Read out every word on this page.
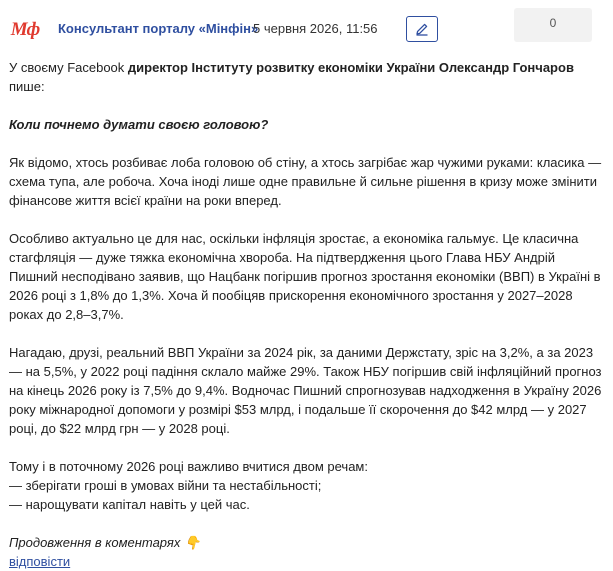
Мф	Консультант порталу «Мінфін»
5 червня 2026, 11:56	0

У своєму Facebook директор Інституту розвитку економіки України Олександр Гончаров пише:

Коли почнемо думати своєю головою?

Як відомо, хтось розбиває лоба головою об стіну, а хтось загрібає жар чужими руками: класика — схема тупа, але робоча. Хоча іноді лише одне правильне й сильне рішення в кризу може змінити фінансове життя всієї країни на роки вперед.

Особливо актуально це для нас, оскільки інфляція зростає, а економіка гальмує. Це класична стагфляція — дуже тяжка економічна хвороба. На підтвердження цього Глава НБУ Андрій Пишний несподівано заявив, що Нацбанк погіршив прогноз зростання економіки (ВВП) в Україні в 2026 році з 1,8% до 1,3%. Хоча й пообіцяв прискорення економічного зростання у 2027–2028 роках до 2,8–3,7%.

Нагадаю, друзі, реальний ВВП України за 2024 рік, за даними Держстату, зріс на 3,2%, а за 2023 — на 5,5%, у 2022 році падіння склало майже 29%. Також НБУ погіршив свій інфляційний прогноз на кінець 2026 року із 7,5% до 9,4%. Водночас Пишний спрогнозував надходження в Україну 2026 року міжнародної допомоги у розмірі $53 млрд, і подальше її скорочення до $42 млрд — у 2027 році, до $22 млрд грн — у 2028 році.

Тому і в поточному 2026 році важливо вчитися двом речам:

— зберігати гроші в умовах війни та нестабільності;

— нарощувати капітал навіть у цей час.

Продовження в коментарях 👇

відповісти
